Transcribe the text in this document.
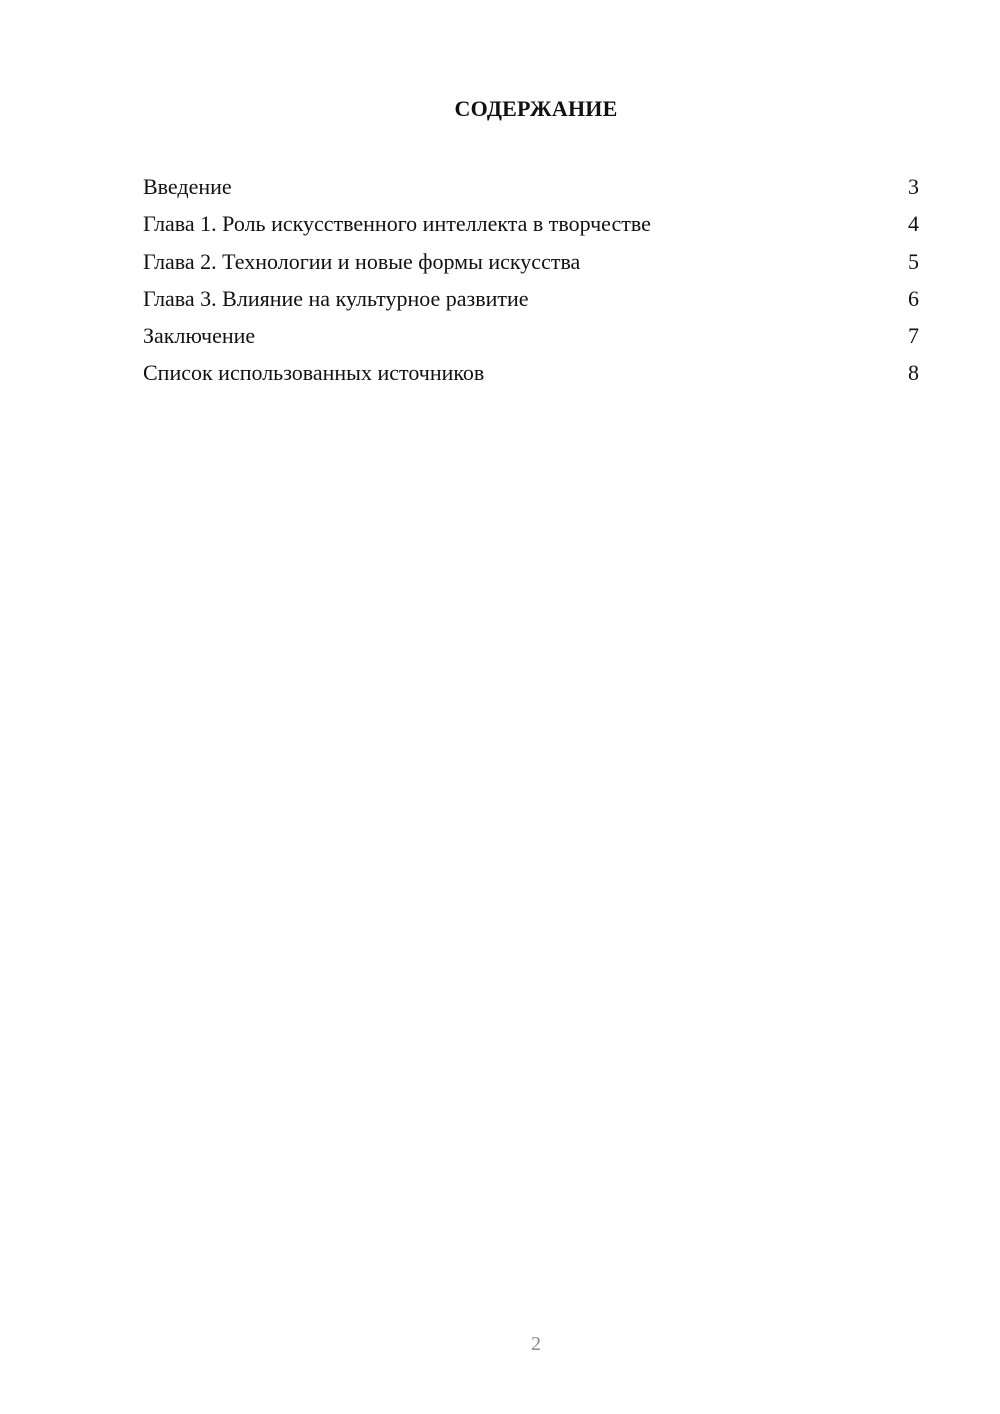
СОДЕРЖАНИЕ
Введение	3
Глава 1. Роль искусственного интеллекта в творчестве	4
Глава 2. Технологии и новые формы искусства	5
Глава 3. Влияние на культурное развитие	6
Заключение	7
Список использованных источников	8
2
